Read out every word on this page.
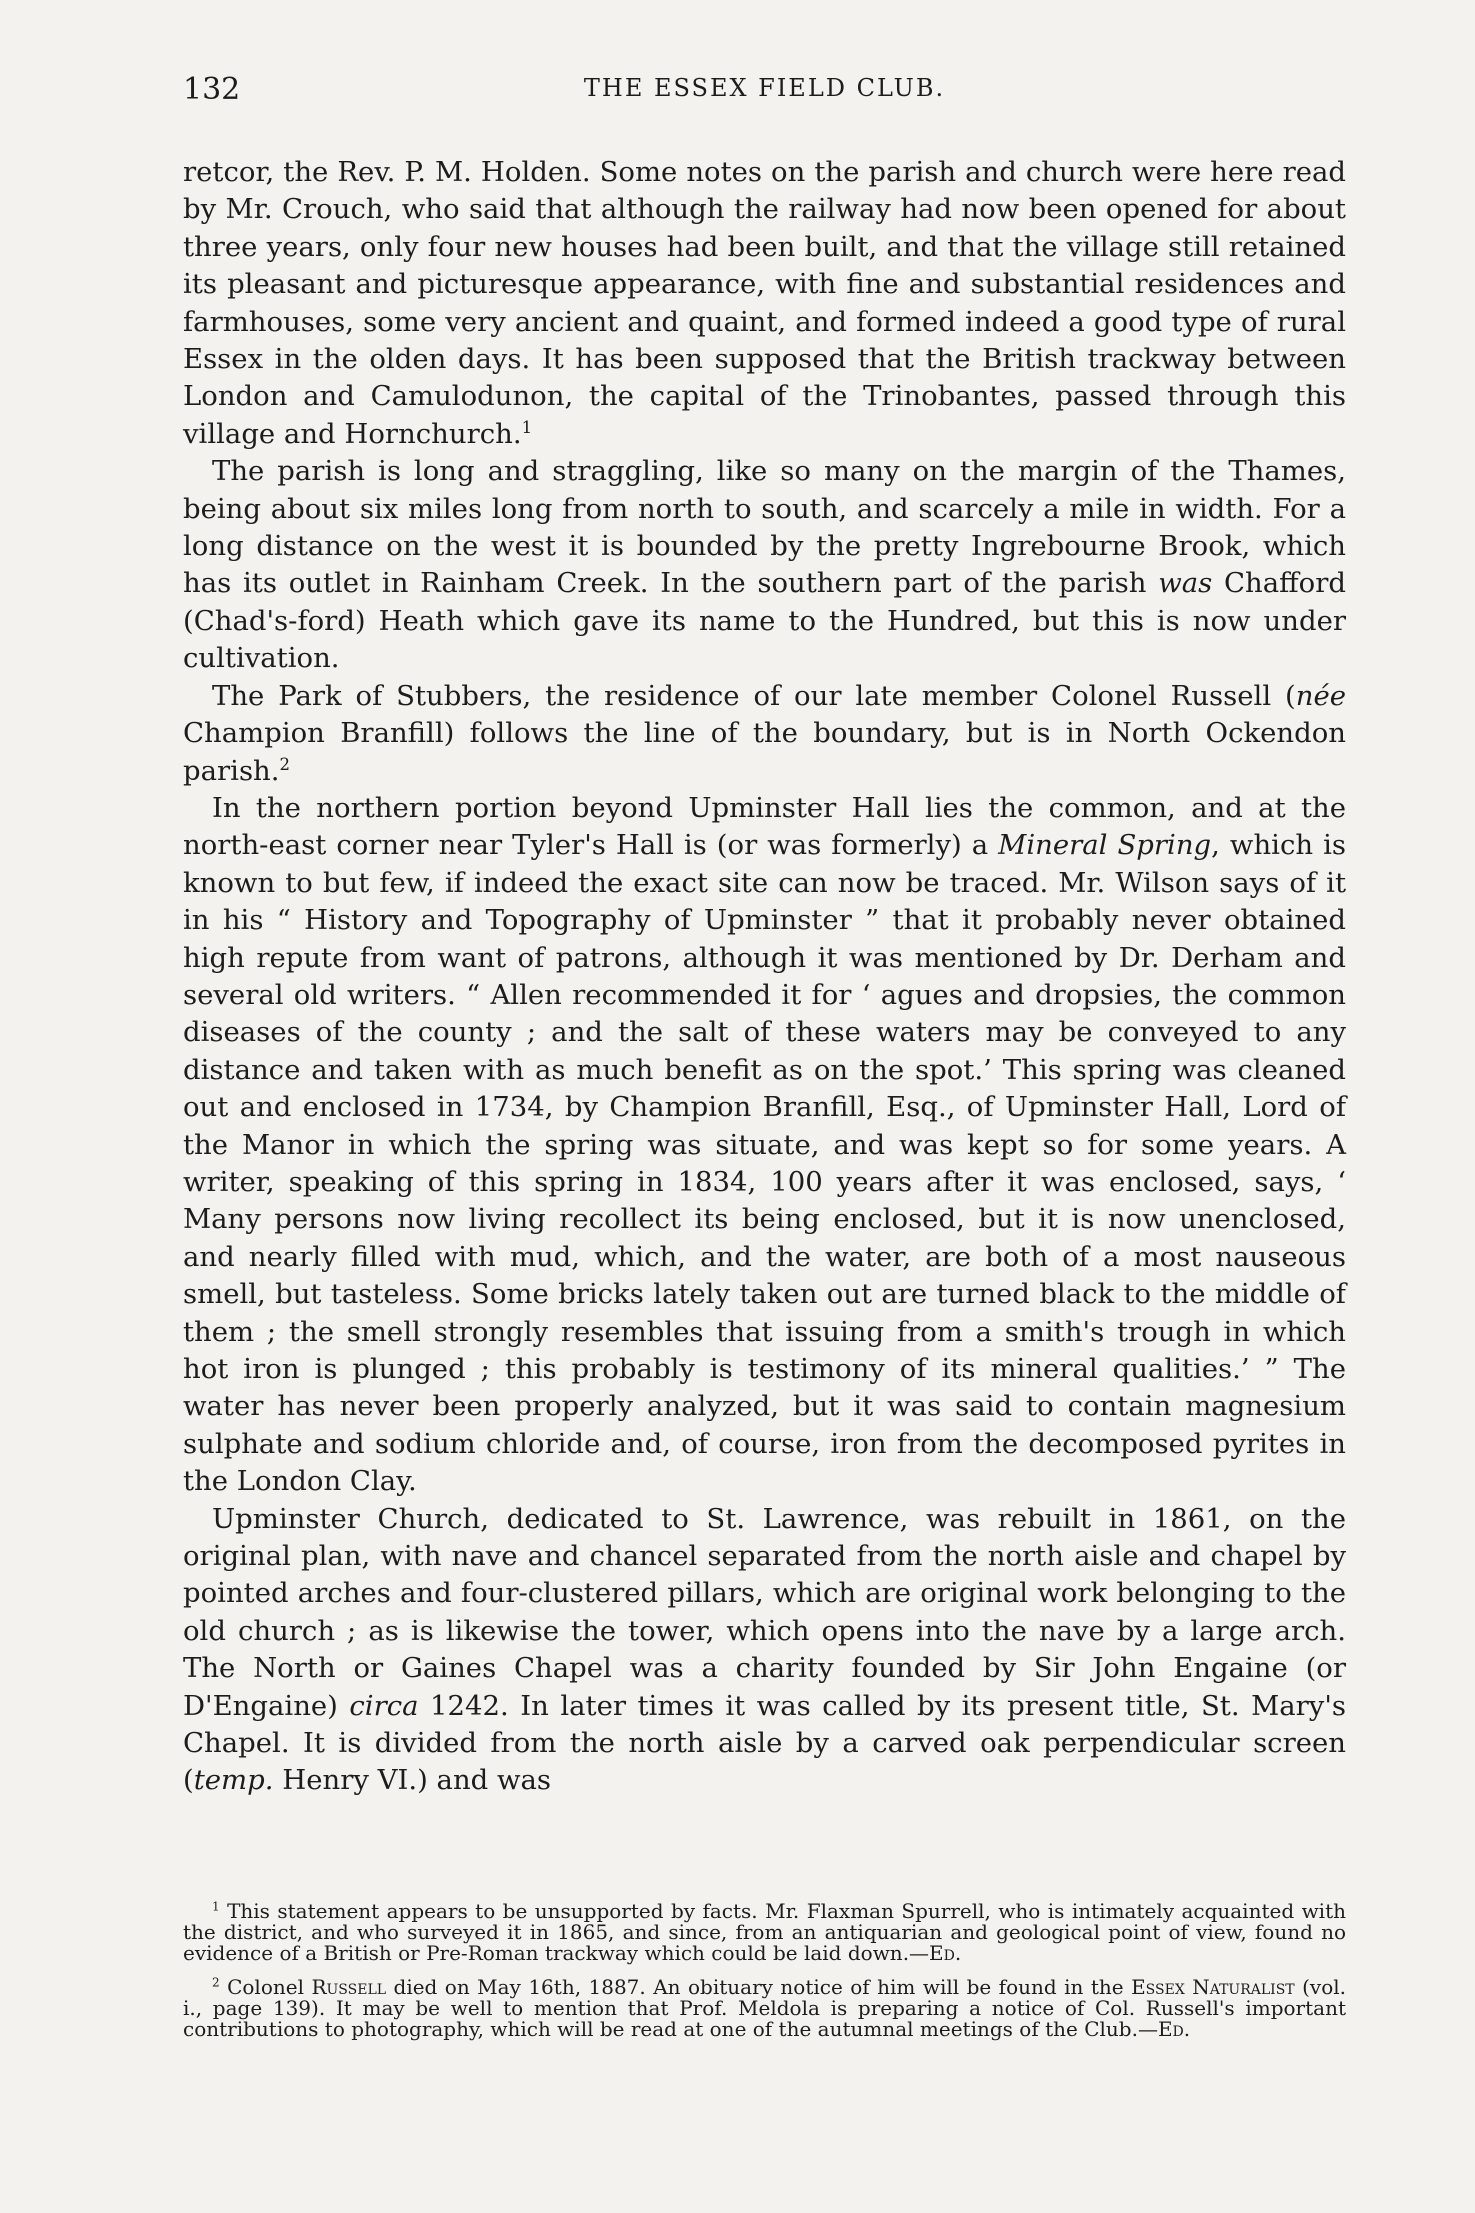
132	THE ESSEX FIELD CLUB.

retcor, the Rev. P. M. Holden. Some notes on the parish and church were here read by Mr. Crouch, who said that although the railway had now been opened for about three years, only four new houses had been built, and that the village still retained its pleasant and picturesque appearance, with fine and substantial residences and farmhouses, some very ancient and quaint, and formed indeed a good type of rural Essex in the olden days. It has been supposed that the British trackway between London and Camulodunon, the capital of the Trinobantes, passed through this village and Hornchurch.$^1$

The parish is long and straggling, like so many on the margin of the Thames, being about six miles long from north to south, and scarcely a mile in width. For a long distance on the west it is bounded by the pretty Ingrebourne Brook, which has its outlet in Rainham Creek. In the southern part of the parish was Chafford (Chad's-ford) Heath which gave its name to the Hundred, but this is now under cultivation.

The Park of Stubbers, the residence of our late member Colonel Russell (née Champion Branfill) follows the line of the boundary, but is in North Ockendon parish.$^2$

In the northern portion beyond Upminster Hall lies the common, and at the north-east corner near Tyler's Hall is (or was formerly) a Mineral Spring, which is known to but few, if indeed the exact site can now be traced. Mr. Wilson says of it in his “ History and Topography of Upminster ” that it probably never obtained high repute from want of patrons, although it was mentioned by Dr. Derham and several old writers. “ Allen recommended it for ‘ agues and dropsies, the common diseases of the county ; and the salt of these waters may be conveyed to any distance and taken with as much benefit as on the spot.’ This spring was cleaned out and enclosed in 1734, by Champion Branfill, Esq., of Upminster Hall, Lord of the Manor in which the spring was situate, and was kept so for some years. A writer, speaking of this spring in 1834, 100 years after it was enclosed, says, ‘ Many persons now living recollect its being enclosed, but it is now unenclosed, and nearly filled with mud, which, and the water, are both of a most nauseous smell, but tasteless. Some bricks lately taken out are turned black to the middle of them ; the smell strongly resembles that issuing from a smith's trough in which hot iron is plunged ; this probably is testimony of its mineral qualities.’ ” The water has never been properly analyzed, but it was said to contain magnesium sulphate and sodium chloride and, of course, iron from the decomposed pyrites in the London Clay.

Upminster Church, dedicated to St. Lawrence, was rebuilt in 1861, on the original plan, with nave and chancel separated from the north aisle and chapel by pointed arches and four-clustered pillars, which are original work belonging to the old church ; as is likewise the tower, which opens into the nave by a large arch. The North or Gaines Chapel was a charity founded by Sir John Engaine (or D'Engaine) circa 1242. In later times it was called by its present title, St. Mary's Chapel. It is divided from the north aisle by a carved oak perpendicular screen (temp. Henry VI.) and was

$^1$ This statement appears to be unsupported by facts. Mr. Flaxman Spurrell, who is intimately acquainted with the district, and who surveyed it in 1865, and since, from an antiquarian and geological point of view, found no evidence of a British or Pre-Roman trackway which could be laid down.—Ed.

$^2$ Colonel Russell died on May 16th, 1887. An obituary notice of him will be found in the Essex Naturalist (vol. i., page 139). It may be well to mention that Prof. Meldola is preparing a notice of Col. Russell's important contributions to photography, which will be read at one of the autumnal meetings of the Club.—Ed.
